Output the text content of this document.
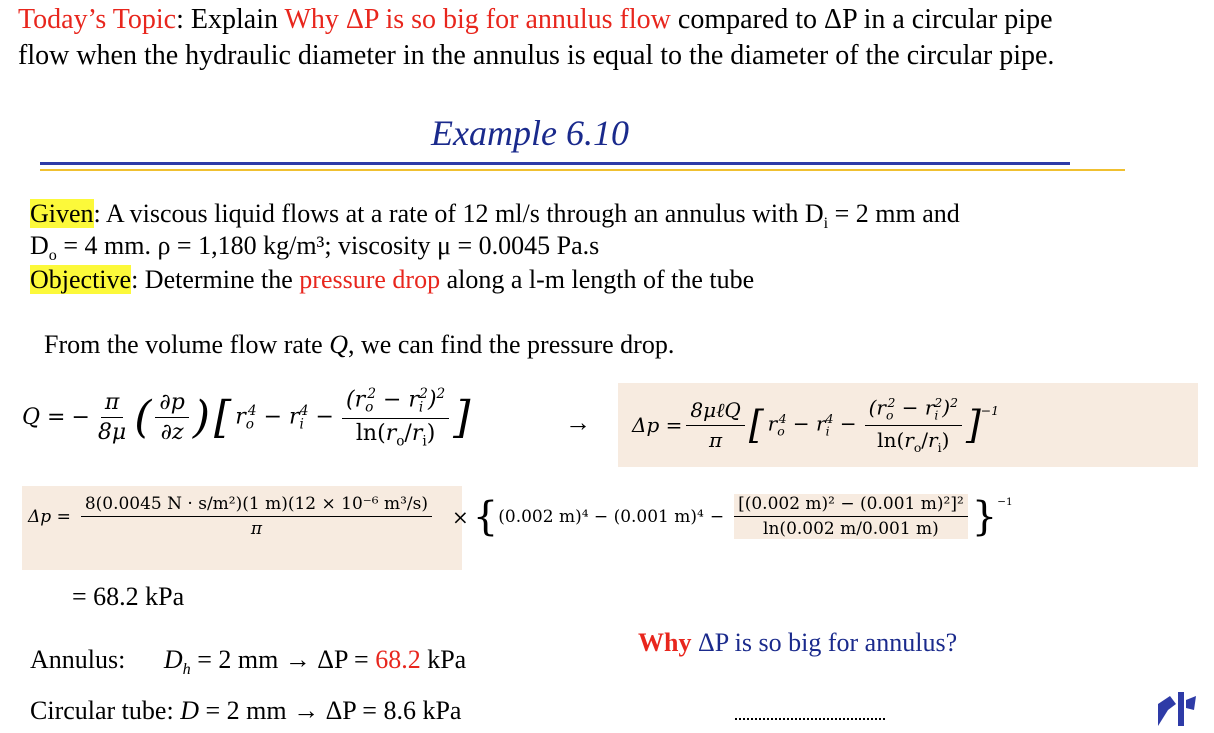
Today’s Topic: Explain Why ΔP is so big for annulus flow compared to ΔP in a circular pipe
flow when the hydraulic diameter in the annulus is equal to the diameter of the circular pipe.
Example 6.10
Given: A viscous liquid flows at a rate of 12 ml/s through an annulus with $D_i = 2$ mm and
$D_o = 4$ mm. ρ = 1,180 kg/m³; viscosity μ = 0.0045 Pa.s
Objective: Determine the pressure drop along a l-m length of the tube
From the volume flow rate Q, we can find the pressure drop.
Q = − $\frac{\pi}{8\mu}$ ( $\frac{\partial p}{\partial z}$ ) [ $r_o^4 - r_i^4 - \frac{(r_o^2 - r_i^2)^2}{\ln(r_o/r_i)}$ ]	→ $\Delta p = \frac{\text{8μℓQ}}{\pi}$ [ $r_o^4 - r_i^4 - \frac{(r_o^2 - r_i^2)^2}{\ln(r_o/r_i)} ]^{-1}$
$\Delta p = \frac{\text{8(0.0045 N · s/m²)(1 m)(12 × 10⁻⁶ m³/s)}}{\pi}$ × { (0.002 m)⁴ − (0.001 $m)^4 - \frac{\text{[(0.002 m)² − (0.001 m)²]²}}{\ln(0.002 m/0.001 m)} \}^{-1}$
= 68.2 kPa
Annulus: $D_h = 2$ mm → ΔP = 68.2 kPa
Circular tube: D = 2 mm → ΔP = 8.6 kPa
Why ΔP is so big for annulus?
